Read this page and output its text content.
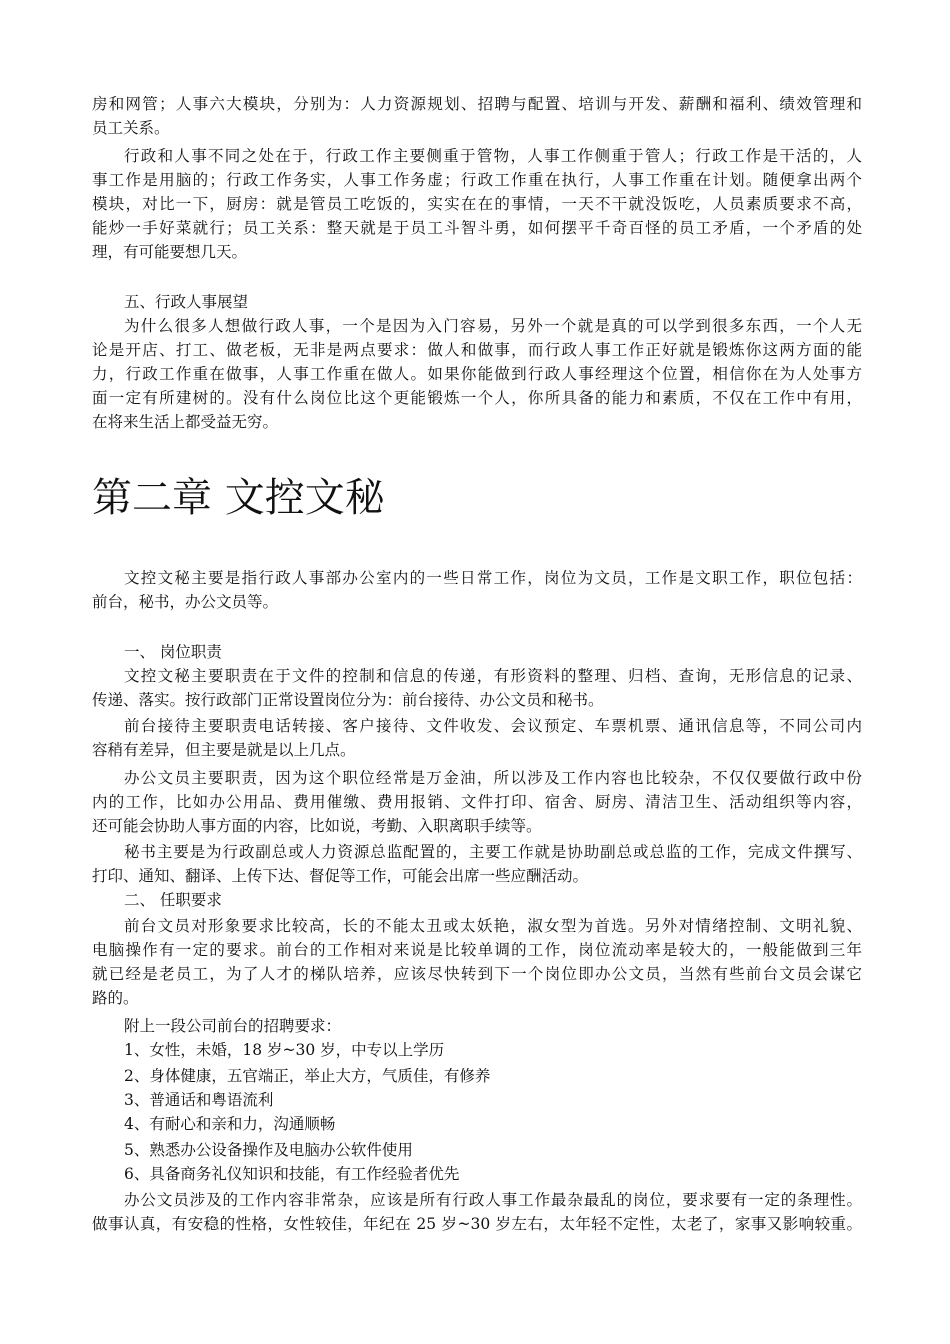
房和网管；人事六大模块，分别为：人力资源规划、招聘与配置、培训与开发、薪酬和福利、绩效管理和
员工关系。
行政和人事不同之处在于，行政工作主要侧重于管物，人事工作侧重于管人；行政工作是干活的，人
事工作是用脑的；行政工作务实，人事工作务虚；行政工作重在执行，人事工作重在计划。随便拿出两个
模块，对比一下，厨房：就是管员工吃饭的，实实在在的事情，一天不干就没饭吃，人员素质要求不高，
能炒一手好菜就行；员工关系：整天就是于员工斗智斗勇，如何摆平千奇百怪的员工矛盾，一个矛盾的处
理，有可能要想几天。
五、行政人事展望
为什么很多人想做行政人事，一个是因为入门容易，另外一个就是真的可以学到很多东西，一个人无
论是开店、打工、做老板，无非是两点要求：做人和做事，而行政人事工作正好就是锻炼你这两方面的能
力，行政工作重在做事，人事工作重在做人。如果你能做到行政人事经理这个位置，相信你在为人处事方
面一定有所建树的。没有什么岗位比这个更能锻炼一个人，你所具备的能力和素质，不仅在工作中有用，
在将来生活上都受益无穷。
第二章 文控文秘
文控文秘主要是指行政人事部办公室内的一些日常工作，岗位为文员，工作是文职工作，职位包括：
前台，秘书，办公文员等。
一、 岗位职责
文控文秘主要职责在于文件的控制和信息的传递，有形资料的整理、归档、查询，无形信息的记录、
传递、落实。按行政部门正常设置岗位分为：前台接待、办公文员和秘书。
前台接待主要职责电话转接、客户接待、文件收发、会议预定、车票机票、通讯信息等，不同公司内
容稍有差异，但主要是就是以上几点。
办公文员主要职责，因为这个职位经常是万金油，所以涉及工作内容也比较杂，不仅仅要做行政中份
内的工作，比如办公用品、费用催缴、费用报销、文件打印、宿舍、厨房、清洁卫生、活动组织等内容，
还可能会协助人事方面的内容，比如说，考勤、入职离职手续等。
秘书主要是为行政副总或人力资源总监配置的，主要工作就是协助副总或总监的工作，完成文件撰写、
打印、通知、翻译、上传下达、督促等工作，可能会出席一些应酬活动。
二、 任职要求
前台文员对形象要求比较高，长的不能太丑或太妖艳，淑女型为首选。另外对情绪控制、文明礼貌、
电脑操作有一定的要求。前台的工作相对来说是比较单调的工作，岗位流动率是较大的，一般能做到三年
就已经是老员工，为了人才的梯队培养，应该尽快转到下一个岗位即办公文员，当然有些前台文员会谋它
路的。
附上一段公司前台的招聘要求：
1、女性，未婚，18 岁~30 岁，中专以上学历
2、身体健康，五官端正，举止大方，气质佳，有修养
3、普通话和粤语流利
4、有耐心和亲和力，沟通顺畅
5、熟悉办公设备操作及电脑办公软件使用
6、具备商务礼仪知识和技能，有工作经验者优先
办公文员涉及的工作内容非常杂，应该是所有行政人事工作最杂最乱的岗位，要求要有一定的条理性。
做事认真，有安稳的性格，女性较佳，年纪在 25 岁~30 岁左右，太年轻不定性，太老了，家事又影响较重。
